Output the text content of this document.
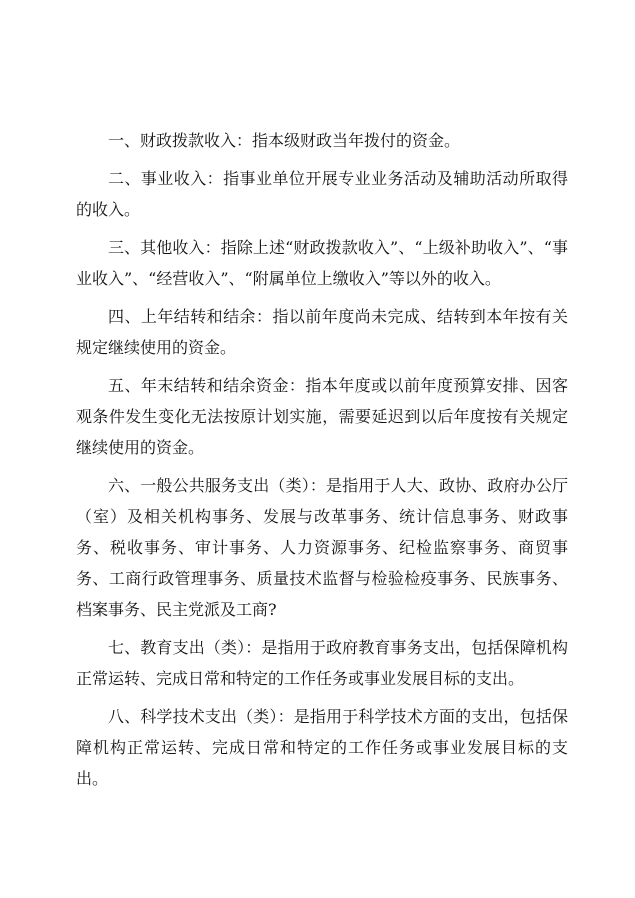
一、财政拨款收入：指本级财政当年拨付的资金。

二、事业收入：指事业单位开展专业业务活动及辅助活动所取得的收入。

三、其他收入：指除上述“财政拨款收入”、“上级补助收入”、“事业收入”、“经营收入”、“附属单位上缴收入”等以外的收入。

四、上年结转和结余：指以前年度尚未完成、结转到本年按有关规定继续使用的资金。

五、年末结转和结余资金：指本年度或以前年度预算安排、因客观条件发生变化无法按原计划实施，需要延迟到以后年度按有关规定继续使用的资金。

六、一般公共服务支出（类）：是指用于人大、政协、政府办公厅（室）及相关机构事务、发展与改革事务、统计信息事务、财政事务、税收事务、审计事务、人力资源事务、纪检监察事务、商贸事务、工商行政管理事务、质量技术监督与检验检疫事务、民族事务、档案事务、民主党派及工商?

七、教育支出（类）：是指用于政府教育事务支出，包括保障机构正常运转、完成日常和特定的工作任务或事业发展目标的支出。

八、科学技术支出（类）：是指用于科学技术方面的支出，包括保障机构正常运转、完成日常和特定的工作任务或事业发展目标的支出。
